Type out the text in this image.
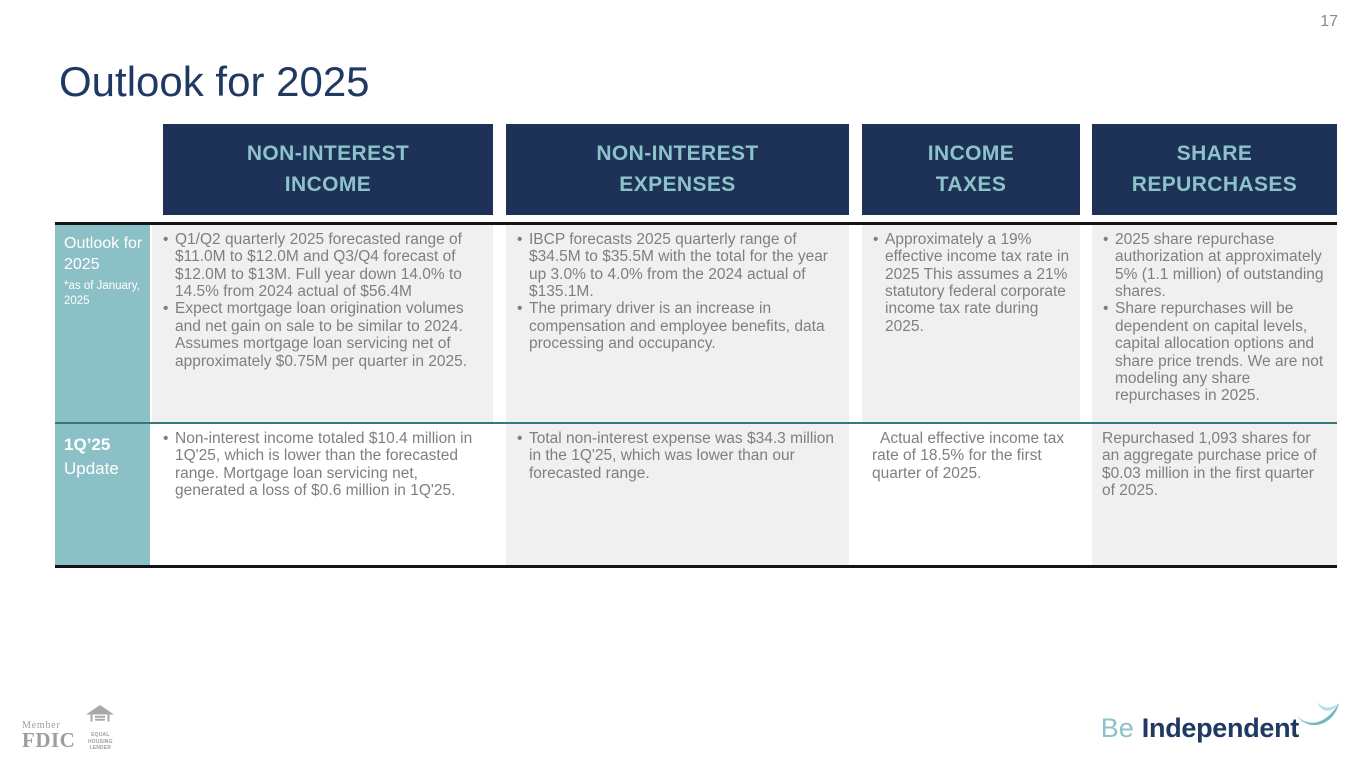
17
Outlook for 2025
NON-INTEREST
INCOME
NON-INTEREST
EXPENSES
INCOME
TAXES
SHARE
REPURCHASES
Outlook for 2025
*as of January, 2025
• Q1/Q2 quarterly 2025 forecasted range of $11.0M to $12.0M and Q3/Q4 forecast of $12.0M to $13M. Full year down 14.0% to 14.5% from 2024 actual of $56.4M
• Expect mortgage loan origination volumes and net gain on sale to be similar to 2024. Assumes mortgage loan servicing net of approximately $0.75M per quarter in 2025.
• IBCP forecasts 2025 quarterly range of $34.5M to $35.5M with the total for the year up 3.0% to 4.0% from the 2024 actual of $135.1M.
• The primary driver is an increase in compensation and employee benefits, data processing and occupancy.
• Approximately a 19% effective income tax rate in 2025 This assumes a 21% statutory federal corporate income tax rate during 2025.
• 2025 share repurchase authorization at approximately 5% (1.1 million) of outstanding shares.
• Share repurchases will be dependent on capital levels, capital allocation options and share price trends. We are not modeling any share repurchases in 2025.
1Q’25
Update
• Non-interest income totaled $10.4 million in 1Q'25, which is lower than the forecasted range. Mortgage loan servicing net, generated a loss of $0.6 million in 1Q'25.
• Total non-interest expense was $34.3 million in the 1Q'25, which was lower than our forecasted range.

Actual effective income tax rate of 18.5% for the first quarter of 2025.

Repurchased 1,093 shares for an aggregate purchase price of $0.03 million in the first quarter of 2025.

Member
FDIC	EQUAL HOUSING
LENDER
Be Independent
